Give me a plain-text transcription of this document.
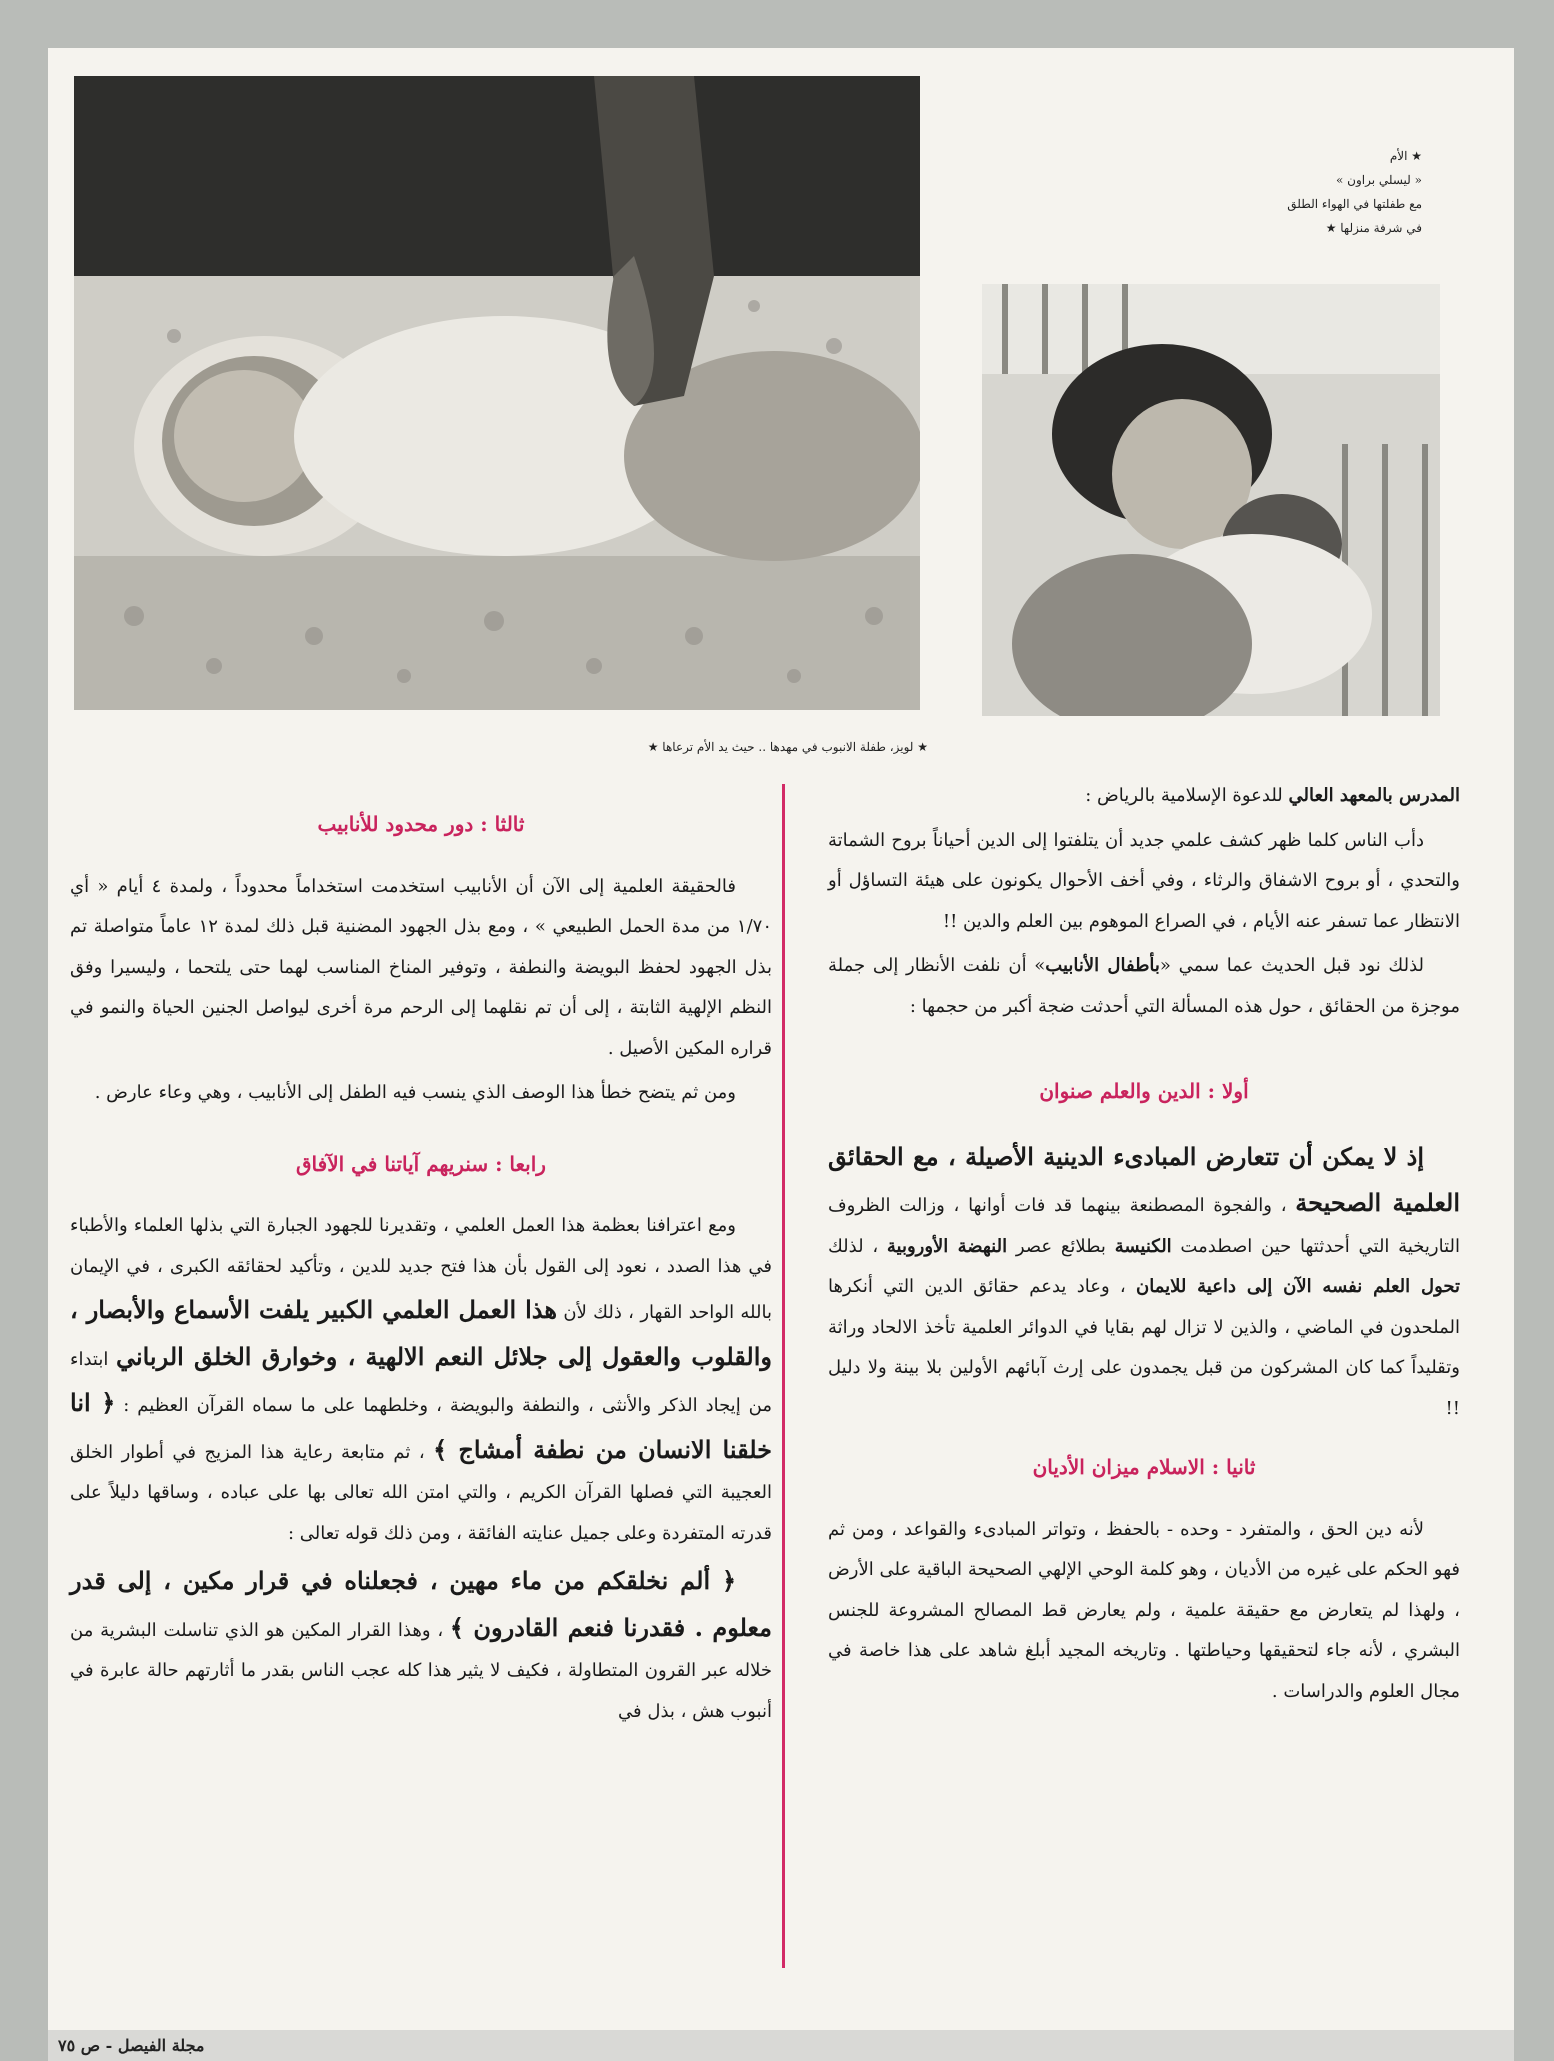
★ الأم
« ليسلي براون »
مع طفلتها في الهواء الطلق
في شرفة منزلها ★
★ لويز، طفلة الانبوب في مهدها .. حيث يد الأم ترعاها ★

المدرس بالمعهد العالي للدعوة الإسلامية بالرياض :

دأب الناس كلما ظهر كشف علمي جديد أن يتلفتوا إلى الدين أحياناً بروح الشماتة والتحدي ، أو بروح الاشفاق والرثاء ، وفي أخف الأحوال يكونون على هيئة التساؤل أو الانتظار عما تسفر عنه الأيام ، في الصراع الموهوم بين العلم والدين !!

لذلك نود قبل الحديث عما سمي «بأطفال الأنابيب» أن نلفت الأنظار إلى جملة موجزة من الحقائق ، حول هذه المسألة التي أحدثت ضجة أكبر من حجمها :

أولا : الدين والعلم صنوان

إذ لا يمكن أن تتعارض المبادىء الدينية الأصيلة ، مع الحقائق العلمية الصحيحة ، والفجوة المصطنعة بينهما قد فات أوانها ، وزالت الظروف التاريخية التي أحدثتها حين اصطدمت الكنيسة بطلائع عصر النهضة الأوروبية ، لذلك تحول العلم نفسه الآن إلى داعية للايمان ، وعاد يدعم حقائق الدين التي أنكرها الملحدون في الماضي ، والذين لا تزال لهم بقايا في الدوائر العلمية تأخذ الالحاد وراثة وتقليداً كما كان المشركون من قبل يجمدون على إرث آبائهم الأولين بلا بينة ولا دليل !!

ثانيا : الاسلام ميزان الأديان

لأنه دين الحق ، والمتفرد - وحده - بالحفظ ، وتواتر المبادىء والقواعد ، ومن ثم فهو الحكم على غيره من الأديان ، وهو كلمة الوحي الإلهي الصحيحة الباقية على الأرض ، ولهذا لم يتعارض مع حقيقة علمية ، ولم يعارض قط المصالح المشروعة للجنس البشري ، لأنه جاء لتحقيقها وحياطتها . وتاريخه المجيد أبلغ شاهد على هذا خاصة في مجال العلوم والدراسات .

ثالثا : دور محدود للأنابيب

فالحقيقة العلمية إلى الآن أن الأنابيب استخدمت استخداماً محدوداً ، ولمدة ٤ أيام « أي ١/٧٠ من مدة الحمل الطبيعي » ، ومع بذل الجهود المضنية قبل ذلك لمدة ١٢ عاماً متواصلة تم بذل الجهود لحفظ البويضة والنطفة ، وتوفير المناخ المناسب لهما حتى يلتحما ، وليسيرا وفق النظم الإلهية الثابتة ، إلى أن تم نقلهما إلى الرحم مرة أخرى ليواصل الجنين الحياة والنمو في قراره المكين الأصيل .

ومن ثم يتضح خطأ هذا الوصف الذي ينسب فيه الطفل إلى الأنابيب ، وهي وعاء عارض .

رابعا : سنريهم آياتنا في الآفاق

ومع اعترافنا بعظمة هذا العمل العلمي ، وتقديرنا للجهود الجبارة التي بذلها العلماء والأطباء في هذا الصدد ، نعود إلى القول بأن هذا فتح جديد للدين ، وتأكيد لحقائقه الكبرى ، في الإيمان بالله الواحد القهار ، ذلك لأن هذا العمل العلمي الكبير يلفت الأسماع والأبصار ، والقلوب والعقول إلى جلائل النعم الالهية ، وخوارق الخلق الرباني ابتداء من إيجاد الذكر والأنثى ، والنطفة والبويضة ، وخلطهما على ما سماه القرآن العظيم : ﴿ انا خلقنا الانسان من نطفة أمشاج ﴾ ، ثم متابعة رعاية هذا المزيج في أطوار الخلق العجيبة التي فصلها القرآن الكريم ، والتي امتن الله تعالى بها على عباده ، وساقها دليلاً على قدرته المتفردة وعلى جميل عنايته الفائقة ، ومن ذلك قوله تعالى :

﴿ ألم نخلقكم من ماء مهين ، فجعلناه في قرار مكين ، إلى قدر معلوم . فقدرنا فنعم القادرون ﴾ ، وهذا القرار المكين هو الذي تناسلت البشرية من خلاله عبر القرون المتطاولة ، فكيف لا يثير هذا كله عجب الناس بقدر ما أثارتهم حالة عابرة في أنبوب هش ، بذل في

مجلة الفيصل - ص ٧٥
